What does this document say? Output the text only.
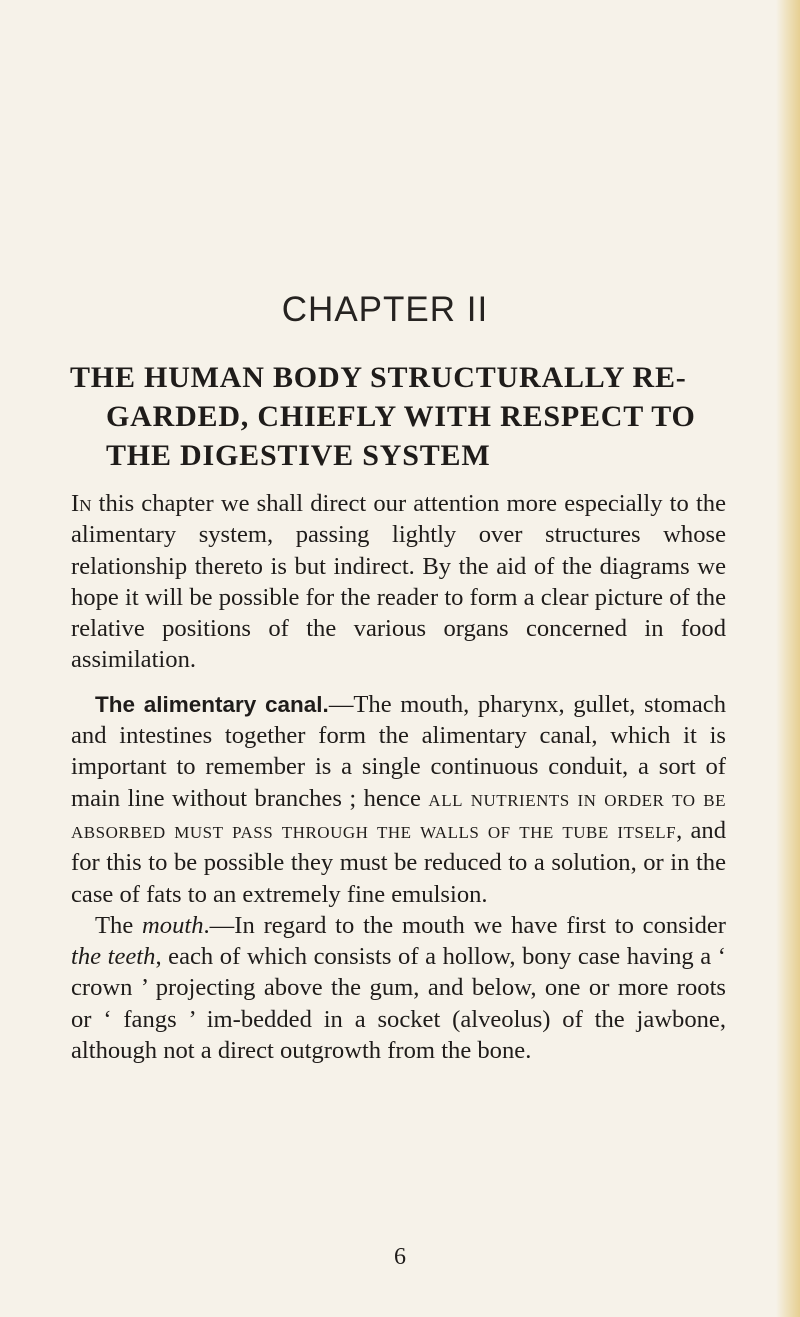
CHAPTER II
THE HUMAN BODY STRUCTURALLY RE-
GARDED, CHIEFLY WITH RESPECT TO
THE DIGESTIVE SYSTEM

In this chapter we shall direct our attention more especially to the alimentary system, passing lightly over structures whose relationship thereto is but indirect. By the aid of the diagrams we hope it will be possible for the reader to form a clear picture of the relative positions of the various organs concerned in food assimilation.

The alimentary canal.—The mouth, pharynx, gullet, stomach and intestines together form the alimentary canal, which it is important to remember is a single continuous conduit, a sort of main line without branches ; hence all nutrients in order to be absorbed must pass through the walls of the tube itself, and for this to be possible they must be reduced to a solution, or in the case of fats to an extremely fine emulsion.

The mouth.—In regard to the mouth we have first to consider the teeth, each of which consists of a hollow, bony case having a ‘ crown ’ projecting above the gum, and below, one or more roots or ‘ fangs ’ im-bedded in a socket (alveolus) of the jawbone, although not a direct outgrowth from the bone.

6
